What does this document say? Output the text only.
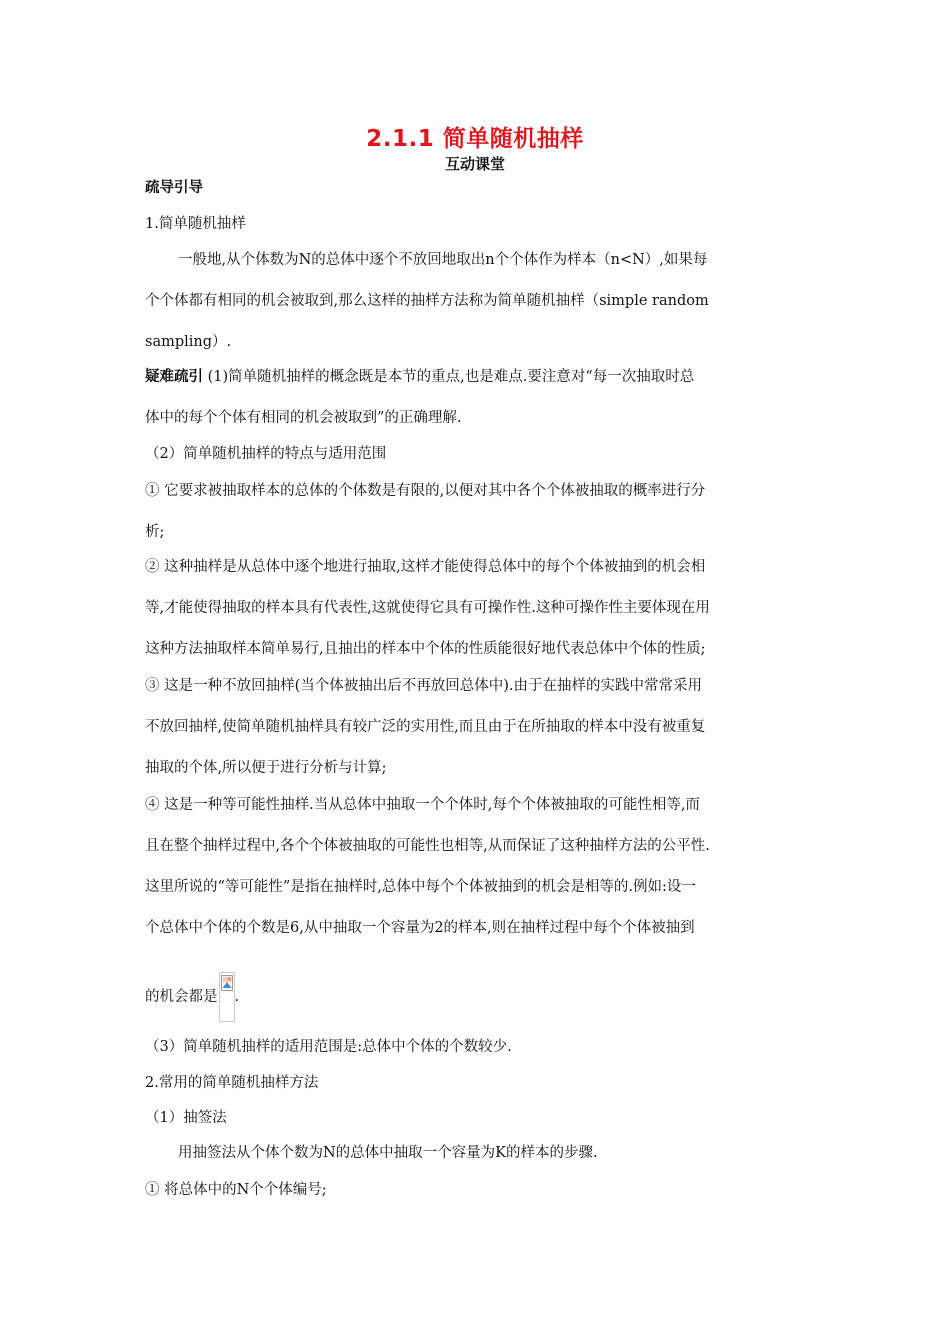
2.1.1 简单随机抽样
互动课堂
疏导引导
1.简单随机抽样
一般地,从个体数为N的总体中逐个不放回地取出n个个体作为样本（n<N）,如果每
个个体都有相同的机会被取到,那么这样的抽样方法称为简单随机抽样（simple random
sampling）.
疑难疏引 (1)简单随机抽样的概念既是本节的重点,也是难点.要注意对“每一次抽取时总
体中的每个个体有相同的机会被取到”的正确理解.
（2）简单随机抽样的特点与适用范围
① 它要求被抽取样本的总体的个体数是有限的,以便对其中各个个体被抽取的概率进行分
析;
② 这种抽样是从总体中逐个地进行抽取,这样才能使得总体中的每个个体被抽到的机会相
等,才能使得抽取的样本具有代表性,这就使得它具有可操作性.这种可操作性主要体现在用
这种方法抽取样本简单易行,且抽出的样本中个体的性质能很好地代表总体中个体的性质;
③ 这是一种不放回抽样(当个体被抽出后不再放回总体中).由于在抽样的实践中常常采用
不放回抽样,使简单随机抽样具有较广泛的实用性,而且由于在所抽取的样本中没有被重复
抽取的个体,所以便于进行分析与计算;
④ 这是一种等可能性抽样.当从总体中抽取一个个体时,每个个体被抽取的可能性相等,而
且在整个抽样过程中,各个个体被抽取的可能性也相等,从而保证了这种抽样方法的公平性.
这里所说的“等可能性”是指在抽样时,总体中每个个体被抽到的机会是相等的.例如:设一
个总体中个体的个数是6,从中抽取一个容量为2的样本,则在抽样过程中每个个体被抽到
的机会都是 .
（3）简单随机抽样的适用范围是:总体中个体的个数较少.
2.常用的简单随机抽样方法
（1）抽签法
用抽签法从个体个数为N的总体中抽取一个容量为K的样本的步骤.
① 将总体中的N个个体编号;
